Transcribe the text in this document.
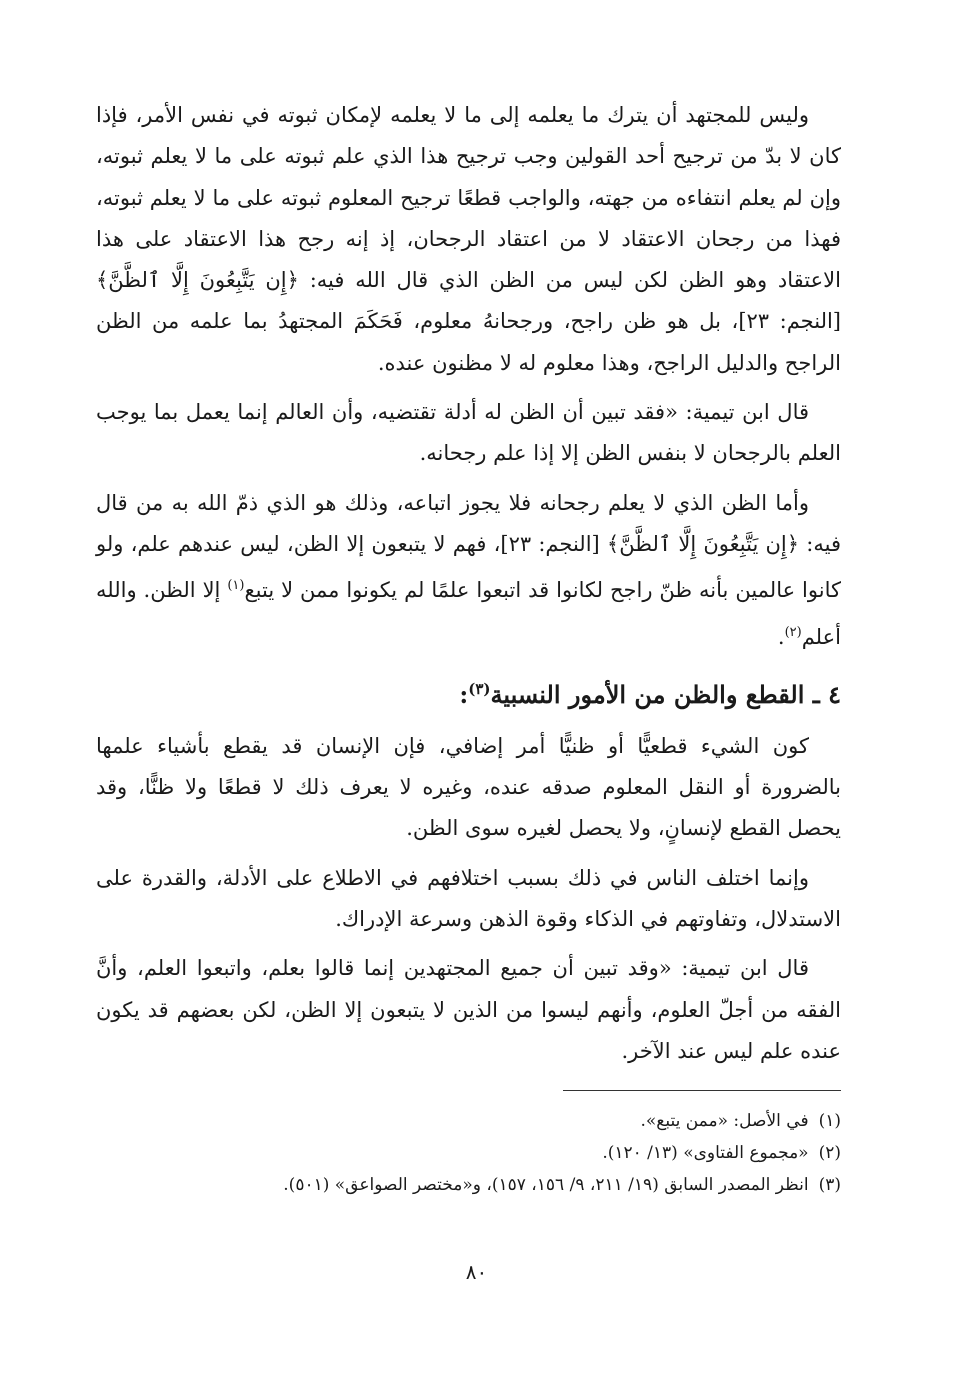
وليس للمجتهد أن يترك ما يعلمه إلى ما لا يعلمه لإمكان ثبوته في نفس الأمر، فإذا كان لا بدّ من ترجيح أحد القولين وجب ترجيح هذا الذي علم ثبوته على ما لا يعلم ثبوته، وإن لم يعلم انتفاءه من جهته، والواجب قطعًا ترجيح المعلوم ثبوته على ما لا يعلم ثبوته، فهذا من رجحان الاعتقاد لا من اعتقاد الرجحان، إذ إنه رجح هذا الاعتقاد على هذا الاعتقاد وهو الظن لكن ليس من الظن الذي قال الله فيه: ﴿إِن يَتَّبِعُونَ إِلَّا ٱلظَّنَّ﴾ [النجم: ٢٣]، بل هو ظن راجح، ورجحانهُ معلوم، فَحَكَمَ المجتهدُ بما علمه من الظن الراجح والدليل الراجح، وهذا معلوم له لا مظنون عنده.

قال ابن تيمية: «فقد تبين أن الظن له أدلة تقتضيه، وأن العالم إنما يعمل بما يوجب العلم بالرجحان لا بنفس الظن إلا إذا علم رجحانه.

وأما الظن الذي لا يعلم رجحانه فلا يجوز اتباعه، وذلك هو الذي ذمّ الله به من قال فيه: ﴿إِن يَتَّبِعُونَ إِلَّا ٱلظَّنَّ﴾ [النجم: ٢٣]، فهم لا يتبعون إلا الظن، ليس عندهم علم، ولو كانوا عالمين بأنه ظنّ راجح لكانوا قد اتبعوا علمًا لم يكونوا ممن لا يتبع$^{(١)}$ إلا الظن. والله أعلم$^{(٢)}$.

٤ ـ القطع والظن من الأمور النسبية$^{(٣)}$:

كون الشيء قطعيًّا أو ظنيًّا أمر إضافي، فإن الإنسان قد يقطع بأشياء علمها بالضرورة أو النقل المعلوم صدقه عنده، وغيره لا يعرف ذلك لا قطعًا ولا ظنًّا، وقد يحصل القطع لإنسانٍ، ولا يحصل لغيره سوى الظن.

وإنما اختلف الناس في ذلك بسبب اختلافهم في الاطلاع على الأدلة، والقدرة على الاستدلال، وتفاوتهم في الذكاء وقوة الذهن وسرعة الإدراك.

قال ابن تيمية: «وقد تبين أن جميع المجتهدين إنما قالوا بعلم، واتبعوا العلم، وأنَّ الفقه من أجلّ العلوم، وأنهم ليسوا من الذين لا يتبعون إلا الظن، لكن بعضهم قد يكون عنده علم ليس عند الآخر.

(١)في الأصل: «ممن يتبع».

(٢)«مجموع الفتاوى» (١٣/ ١٢٠).

(٣)انظر المصدر السابق (١٩/ ٢١١، ٩/ ١٥٦، ١٥٧)، و«مختصر الصواعق» (٥٠١).

٨٠
